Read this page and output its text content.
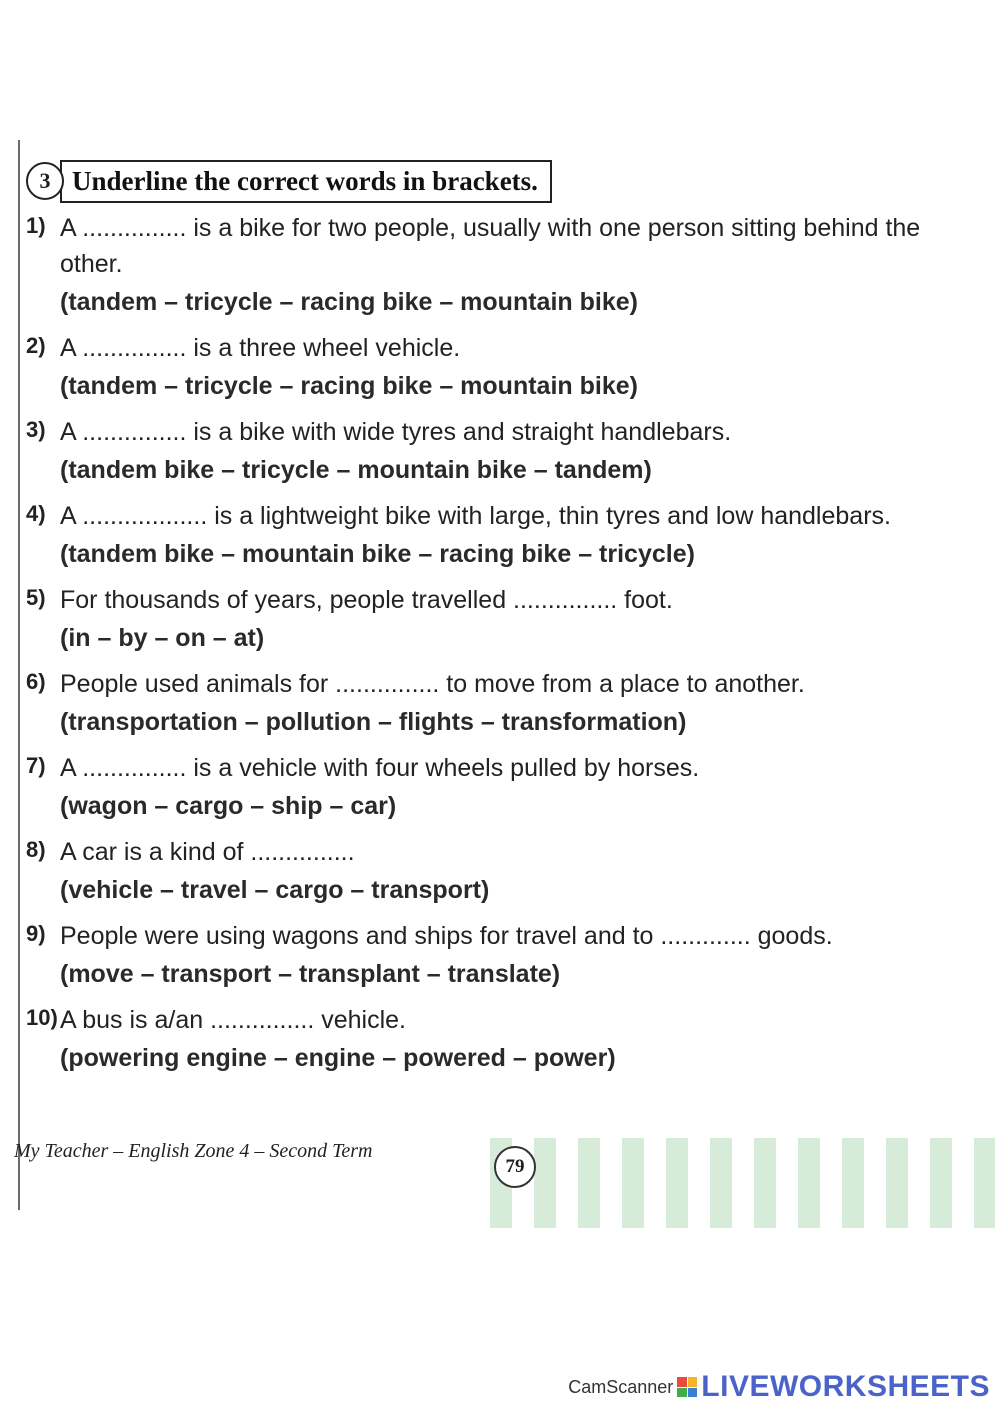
3 Underline the correct words in brackets.
1) A ............... is a bike for two people, usually with one person sitting behind the other.
(tandem – tricycle – racing bike – mountain bike)
2) A ............... is a three wheel vehicle.
(tandem – tricycle – racing bike – mountain bike)
3) A ............... is a bike with wide tyres and straight handlebars.
(tandem bike – tricycle – mountain bike – tandem)
4) A .................. is a lightweight bike with large, thin tyres and low handlebars.
(tandem bike – mountain bike – racing bike – tricycle)
5) For thousands of years, people travelled ............... foot.
(in – by – on – at)
6) People used animals for ............... to move from a place to another.
(transportation – pollution – flights – transformation)
7) A ............... is a vehicle with four wheels pulled by horses.
(wagon – cargo – ship – car)
8) A car is a kind of ...............
(vehicle – travel – cargo – transport)
9) People were using wagons and ships for travel and to ............. goods.
(move – transport – transplant – translate)
10) A bus is a/an ............... vehicle.
(powering engine – engine – powered – power)
My Teacher – English Zone 4 – Second Term
79
CamScanner LIVEWORKSHEETS
